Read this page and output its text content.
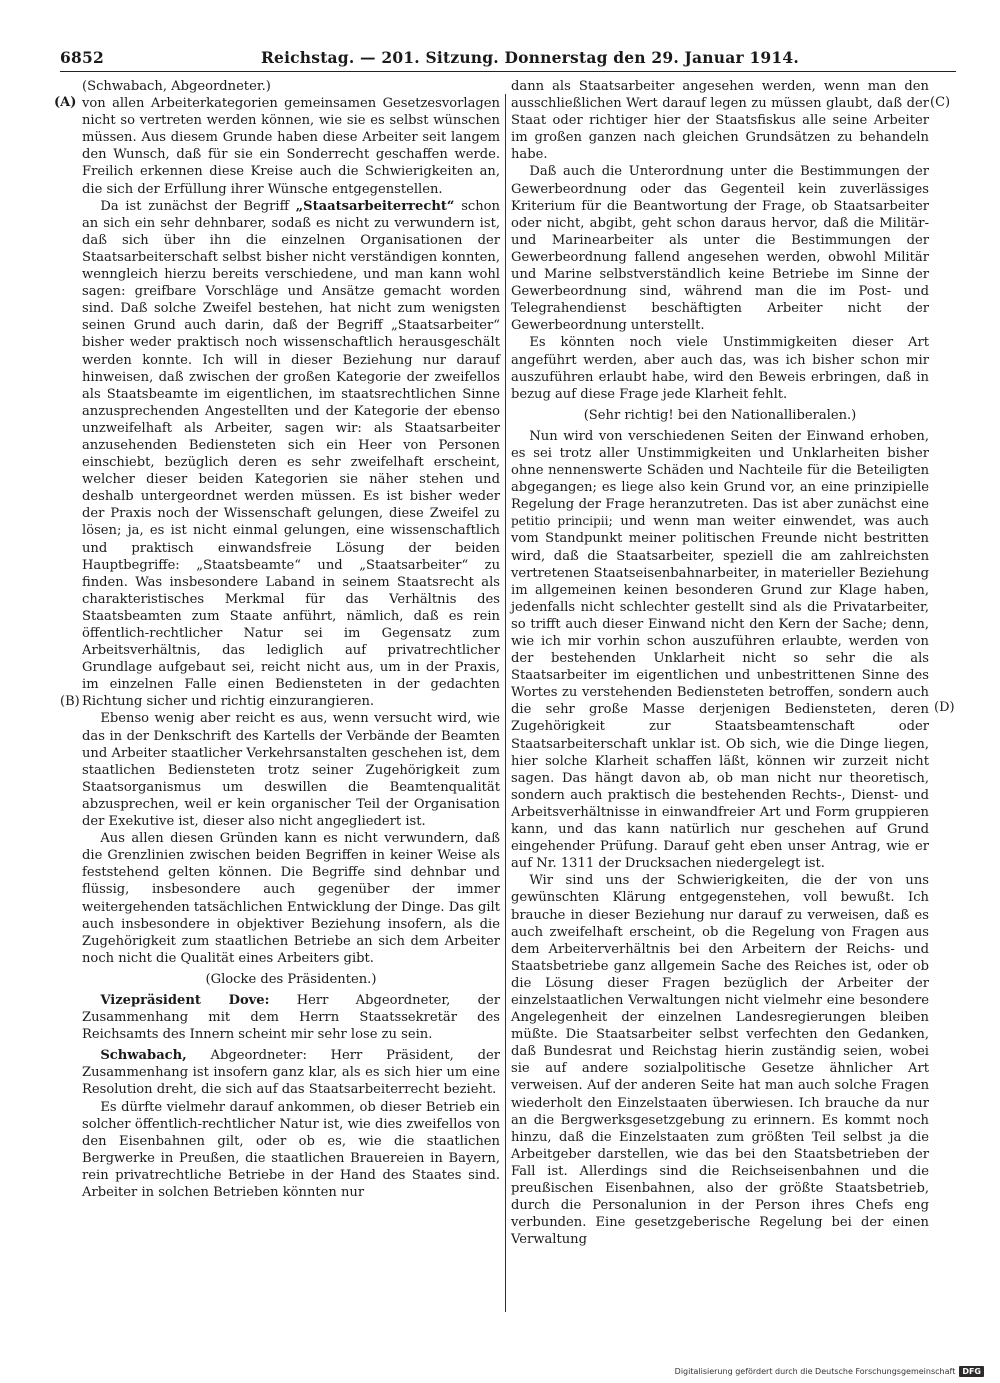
6852	Reichstag. — 201. Sitzung. Donnerstag den 29. Januar 1914.
(A)
(B)
(C)
(D)

(Schwabach, Abgeordneter.)

von allen Arbeiterkategorien gemeinsamen Gesetzesvorlagen nicht so vertreten werden können, wie sie es selbst wünschen müssen. Aus diesem Grunde haben diese Arbeiter seit langem den Wunsch, daß für sie ein Sonderrecht geschaffen werde. Freilich erkennen diese Kreise auch die Schwierigkeiten an, die sich der Erfüllung ihrer Wünsche entgegenstellen.

Da ist zunächst der Begriff „Staatsarbeiterrecht“ schon an sich ein sehr dehnbarer, sodaß es nicht zu verwundern ist, daß sich über ihn die einzelnen Organisationen der Staatsarbeiterschaft selbst bisher nicht verständigen konnten, wenngleich hierzu bereits verschiedene, und man kann wohl sagen: greifbare Vorschläge und Ansätze gemacht worden sind. Daß solche Zweifel bestehen, hat nicht zum wenigsten seinen Grund auch darin, daß der Begriff „Staatsarbeiter“ bisher weder praktisch noch wissenschaftlich herausgeschält werden konnte. Ich will in dieser Beziehung nur darauf hinweisen, daß zwischen der großen Kategorie der zweifellos als Staatsbeamte im eigentlichen, im staatsrechtlichen Sinne anzusprechenden Angestellten und der Kategorie der ebenso unzweifelhaft als Arbeiter, sagen wir: als Staatsarbeiter anzusehenden Bediensteten sich ein Heer von Personen einschiebt, bezüglich deren es sehr zweifelhaft erscheint, welcher dieser beiden Kategorien sie näher stehen und deshalb untergeordnet werden müssen. Es ist bisher weder der Praxis noch der Wissenschaft gelungen, diese Zweifel zu lösen; ja, es ist nicht einmal gelungen, eine wissenschaftlich und praktisch einwandsfreie Lösung der beiden Hauptbegriffe: „Staatsbeamte“ und „Staatsarbeiter“ zu finden. Was insbesondere Laband in seinem Staatsrecht als charakteristisches Merkmal für das Verhältnis des Staatsbeamten zum Staate anführt, nämlich, daß es rein öffentlich-rechtlicher Natur sei im Gegensatz zum Arbeitsverhältnis, das lediglich auf privatrechtlicher Grundlage aufgebaut sei, reicht nicht aus, um in der Praxis, im einzelnen Falle einen Bediensteten in der gedachten Richtung sicher und richtig einzurangieren.

Ebenso wenig aber reicht es aus, wenn versucht wird, wie das in der Denkschrift des Kartells der Verbände der Beamten und Arbeiter staatlicher Verkehrsanstalten geschehen ist, dem staatlichen Bediensteten trotz seiner Zugehörigkeit zum Staatsorganismus um deswillen die Beamtenqualität abzusprechen, weil er kein organischer Teil der Organisation der Exekutive ist, dieser also nicht angegliedert ist.

Aus allen diesen Gründen kann es nicht verwundern, daß die Grenzlinien zwischen beiden Begriffen in keiner Weise als feststehend gelten können. Die Begriffe sind dehnbar und flüssig, insbesondere auch gegenüber der immer weitergehenden tatsächlichen Entwicklung der Dinge. Das gilt auch insbesondere in objektiver Beziehung insofern, als die Zugehörigkeit zum staatlichen Betriebe an sich dem Arbeiter noch nicht die Qualität eines Arbeiters gibt.

(Glocke des Präsidenten.)

Vizepräsident Dove: Herr Abgeordneter, der Zusammenhang mit dem Herrn Staatssekretär des Reichsamts des Innern scheint mir sehr lose zu sein.

Schwabach, Abgeordneter: Herr Präsident, der Zusammenhang ist insofern ganz klar, als es sich hier um eine Resolution dreht, die sich auf das Staatsarbeiterrecht bezieht.

Es dürfte vielmehr darauf ankommen, ob dieser Betrieb ein solcher öffentlich-rechtlicher Natur ist, wie dies zweifellos von den Eisenbahnen gilt, oder ob es, wie die staatlichen Bergwerke in Preußen, die staatlichen Brauereien in Bayern, rein privatrechtliche Betriebe in der Hand des Staates sind. Arbeiter in solchen Betrieben könnten nur

dann als Staatsarbeiter angesehen werden, wenn man den ausschließlichen Wert darauf legen zu müssen glaubt, daß der Staat oder richtiger hier der Staatsfiskus alle seine Arbeiter im großen ganzen nach gleichen Grundsätzen zu behandeln habe.

Daß auch die Unterordnung unter die Bestimmungen der Gewerbeordnung oder das Gegenteil kein zuverlässiges Kriterium für die Beantwortung der Frage, ob Staatsarbeiter oder nicht, abgibt, geht schon daraus hervor, daß die Militär- und Marinearbeiter als unter die Bestimmungen der Gewerbeordnung fallend angesehen werden, obwohl Militär und Marine selbstverständlich keine Betriebe im Sinne der Gewerbeordnung sind, während man die im Post- und Telegrahendienst beschäftigten Arbeiter nicht der Gewerbeordnung unterstellt.

Es könnten noch viele Unstimmigkeiten dieser Art angeführt werden, aber auch das, was ich bisher schon mir auszuführen erlaubt habe, wird den Beweis erbringen, daß in bezug auf diese Frage jede Klarheit fehlt.

(Sehr richtig! bei den Nationalliberalen.)

Nun wird von verschiedenen Seiten der Einwand erhoben, es sei trotz aller Unstimmigkeiten und Unklarheiten bisher ohne nennenswerte Schäden und Nachteile für die Beteiligten abgegangen; es liege also kein Grund vor, an eine prinzipielle Regelung der Frage heranzutreten. Das ist aber zunächst eine petitio principii; und wenn man weiter einwendet, was auch vom Standpunkt meiner politischen Freunde nicht bestritten wird, daß die Staatsarbeiter, speziell die am zahlreichsten vertretenen Staatseisenbahnarbeiter, in materieller Beziehung im allgemeinen keinen besonderen Grund zur Klage haben, jedenfalls nicht schlechter gestellt sind als die Privatarbeiter, so trifft auch dieser Einwand nicht den Kern der Sache; denn, wie ich mir vorhin schon auszuführen erlaubte, werden von der bestehenden Unklarheit nicht so sehr die als Staatsarbeiter im eigentlichen und unbestrittenen Sinne des Wortes zu verstehenden Bediensteten betroffen, sondern auch die sehr große Masse derjenigen Bediensteten, deren Zugehörigkeit zur Staatsbeamtenschaft oder Staatsarbeiterschaft unklar ist. Ob sich, wie die Dinge liegen, hier solche Klarheit schaffen läßt, können wir zurzeit nicht sagen. Das hängt davon ab, ob man nicht nur theoretisch, sondern auch praktisch die bestehenden Rechts-, Dienst- und Arbeitsverhältnisse in einwandfreier Art und Form gruppieren kann, und das kann natürlich nur geschehen auf Grund eingehender Prüfung. Darauf geht eben unser Antrag, wie er auf Nr. 1311 der Drucksachen niedergelegt ist.

Wir sind uns der Schwierigkeiten, die der von uns gewünschten Klärung entgegenstehen, voll bewußt. Ich brauche in dieser Beziehung nur darauf zu verweisen, daß es auch zweifelhaft erscheint, ob die Regelung von Fragen aus dem Arbeiterverhältnis bei den Arbeitern der Reichs- und Staatsbetriebe ganz allgemein Sache des Reiches ist, oder ob die Lösung dieser Fragen bezüglich der Arbeiter der einzelstaatlichen Verwaltungen nicht vielmehr eine besondere Angelegenheit der einzelnen Landesregierungen bleiben müßte. Die Staatsarbeiter selbst verfechten den Gedanken, daß Bundesrat und Reichstag hierin zuständig seien, wobei sie auf andere sozialpolitische Gesetze ähnlicher Art verweisen. Auf der anderen Seite hat man auch solche Fragen wiederholt den Einzelstaaten überwiesen. Ich brauche da nur an die Bergwerksgesetzgebung zu erinnern. Es kommt noch hinzu, daß die Einzelstaaten zum größten Teil selbst ja die Arbeitgeber darstellen, wie das bei den Staatsbetrieben der Fall ist. Allerdings sind die Reichseisenbahnen und die preußischen Eisenbahnen, also der größte Staatsbetrieb, durch die Personalunion in der Person ihres Chefs eng verbunden. Eine gesetzgeberische Regelung bei der einen Verwaltung

Digitalisierung gefördert durch die Deutsche Forschungsgemeinschaft DFG
